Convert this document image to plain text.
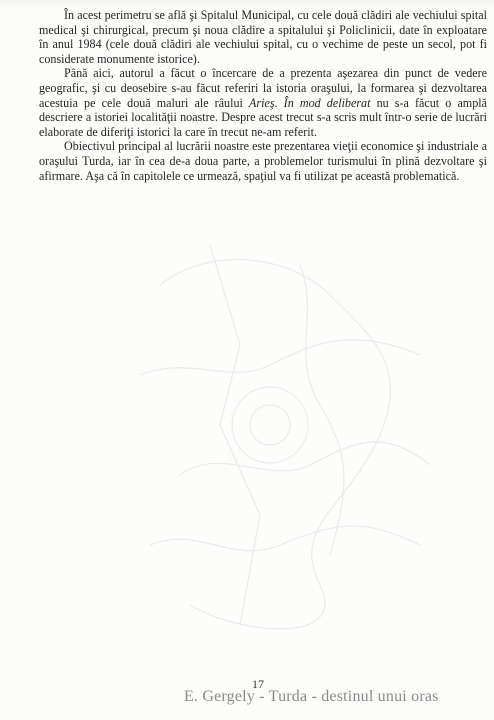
În acest perimetru se află şi Spitalul Municipal, cu cele două clădiri ale vechiului spital medical şi chirurgical, precum şi noua clădire a spitalului şi Policlinicii, date în exploatare în anul 1984 (cele două clădiri ale vechiului spital, cu o vechime de peste un secol, pot fi considerate monumente istorice).

Până aici, autorul a făcut o încercare de a prezenta aşezarea din punct de vedere geografic, şi cu deosebire s-au făcut referiri la istoria oraşului, la formarea şi dezvoltarea acestuia pe cele două maluri ale râului Arieş. În mod deliberat nu s-a făcut o amplă descriere a istoriei localităţii noastre. Despre acest trecut s-a scris mult într-o serie de lucrări elaborate de diferiţi istorici la care în trecut ne-am referit.

Obiectivul principal al lucrării noastre este prezentarea vieţii economice şi industriale a oraşului Turda, iar în cea de-a doua parte, a problemelor turismului în plină dezvoltare şi afirmare. Aşa că în capitolele ce urmează, spaţiul va fi utilizat pe această problematică.

17
E. Gergely - Turda - destinul unui oras
